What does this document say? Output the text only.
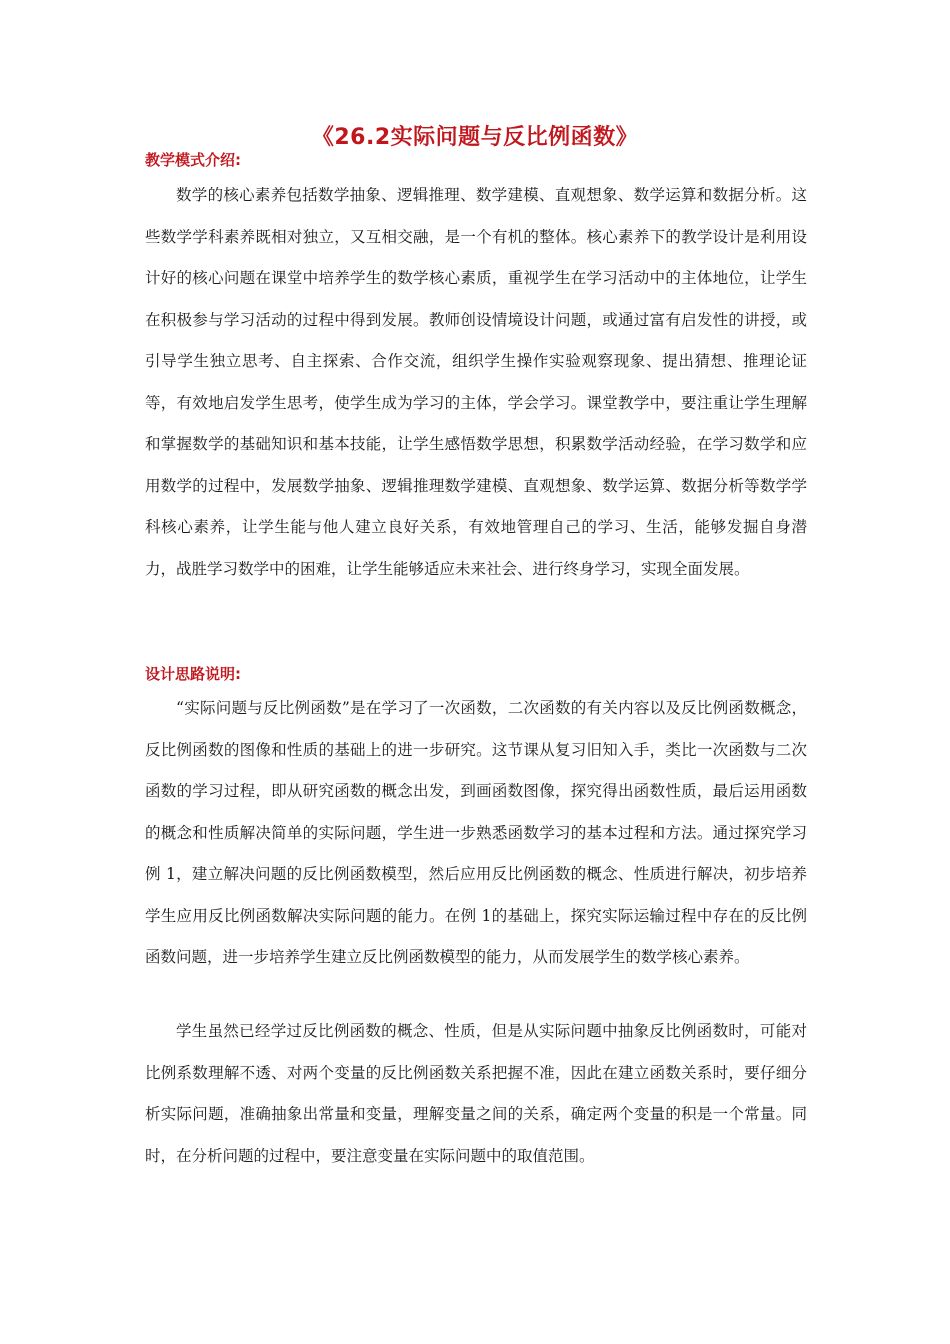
《26.2实际问题与反比例函数》
教学模式介绍:

数学的核心素养包括数学抽象、逻辑推理、数学建模、直观想象、数学运算和数据分析。这些数学学科素养既相对独立，又互相交融，是一个有机的整体。核心素养下的教学设计是利用设计好的核心问题在课堂中培养学生的数学核心素质，重视学生在学习活动中的主体地位，让学生在积极参与学习活动的过程中得到发展。教师创设情境设计问题，或通过富有启发性的讲授，或引导学生独立思考、自主探索、合作交流，组织学生操作实验观察现象、提出猜想、推理论证等，有效地启发学生思考，使学生成为学习的主体，学会学习。课堂教学中，要注重让学生理解和掌握数学的基础知识和基本技能，让学生感悟数学思想，积累数学活动经验，在学习数学和应用数学的过程中，发展数学抽象、逻辑推理数学建模、直观想象、数学运算、数据分析等数学学科核心素养，让学生能与他人建立良好关系，有效地管理自己的学习、生活，能够发掘自身潜力，战胜学习数学中的困难，让学生能够适应未来社会、进行终身学习，实现全面发展。

设计思路说明:

“实际问题与反比例函数”是在学习了一次函数，二次函数的有关内容以及反比例函数概念，反比例函数的图像和性质的基础上的进一步研究。这节课从复习旧知入手，类比一次函数与二次函数的学习过程，即从研究函数的概念出发，到画函数图像，探究得出函数性质，最后运用函数的概念和性质解决简单的实际问题，学生进一步熟悉函数学习的基本过程和方法。通过探究学习例 1，建立解决问题的反比例函数模型，然后应用反比例函数的概念、性质进行解决，初步培养学生应用反比例函数解决实际问题的能力。在例 1的基础上，探究实际运输过程中存在的反比例函数问题，进一步培养学生建立反比例函数模型的能力，从而发展学生的数学核心素养。

学生虽然已经学过反比例函数的概念、性质，但是从实际问题中抽象反比例函数时，可能对比例系数理解不透、对两个变量的反比例函数关系把握不准，因此在建立函数关系时，要仔细分析实际问题，准确抽象出常量和变量，理解变量之间的关系，确定两个变量的积是一个常量。同时，在分析问题的过程中，要注意变量在实际问题中的取值范围。
